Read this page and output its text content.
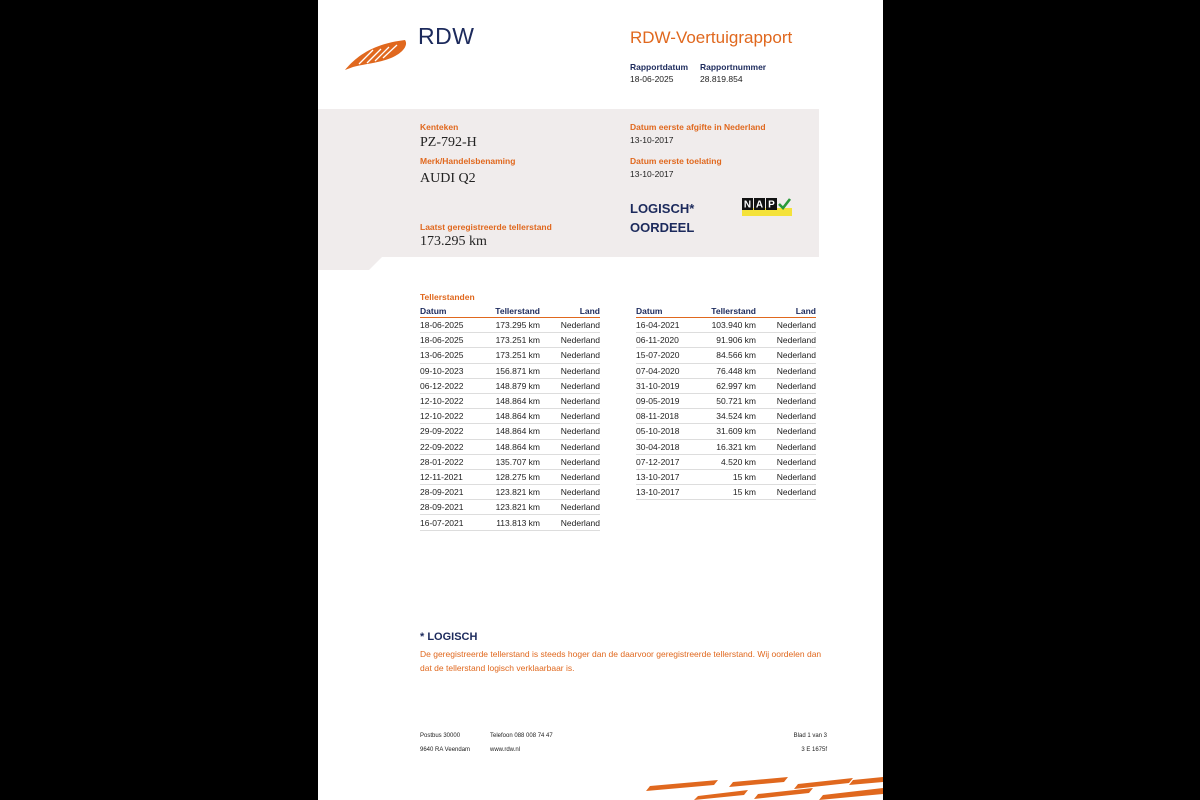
RDW	RDW-Voertuigrapport
Rapportdatum
18-06-2025
Rapportnummer
28.819.854
Kenteken
PZ-792-H
Merk/Handelsbenaming
AUDI Q2
Laatst geregistreerde tellerstand
173.295 km
Datum eerste afgifte in Nederland
13-10-2017
Datum eerste toelating
13-10-2017
LOGISCH*
OORDEEL
N A P
Tellerstanden
Datum	Tellerstand	Land
18-06-2025	173.295 km	Nederland
18-06-2025	173.251 km	Nederland
13-06-2025	173.251 km	Nederland
09-10-2023	156.871 km	Nederland
06-12-2022	148.879 km	Nederland
12-10-2022	148.864 km	Nederland
12-10-2022	148.864 km	Nederland
29-09-2022	148.864 km	Nederland
22-09-2022	148.864 km	Nederland
28-01-2022	135.707 km	Nederland
12-11-2021	128.275 km	Nederland
28-09-2021	123.821 km	Nederland
28-09-2021	123.821 km	Nederland
16-07-2021	113.813 km	Nederland
Datum	Tellerstand	Land
16-04-2021	103.940 km	Nederland
06-11-2020	91.906 km	Nederland
15-07-2020	84.566 km	Nederland
07-04-2020	76.448 km	Nederland
31-10-2019	62.997 km	Nederland
09-05-2019	50.721 km	Nederland
08-11-2018	34.524 km	Nederland
05-10-2018	31.609 km	Nederland
30-04-2018	16.321 km	Nederland
07-12-2017	4.520 km	Nederland
13-10-2017	15 km	Nederland
13-10-2017	15 km	Nederland
* LOGISCH
De geregistreerde tellerstand is steeds hoger dan de daarvoor geregistreerde tellerstand. Wij oordelen dan dat de tellerstand logisch verklaarbaar is.
Postbus 30000
9640 RA Veendam
Telefoon 088 008 74 47
www.rdw.nl
Blad 1 van 3
3 E 1675f
